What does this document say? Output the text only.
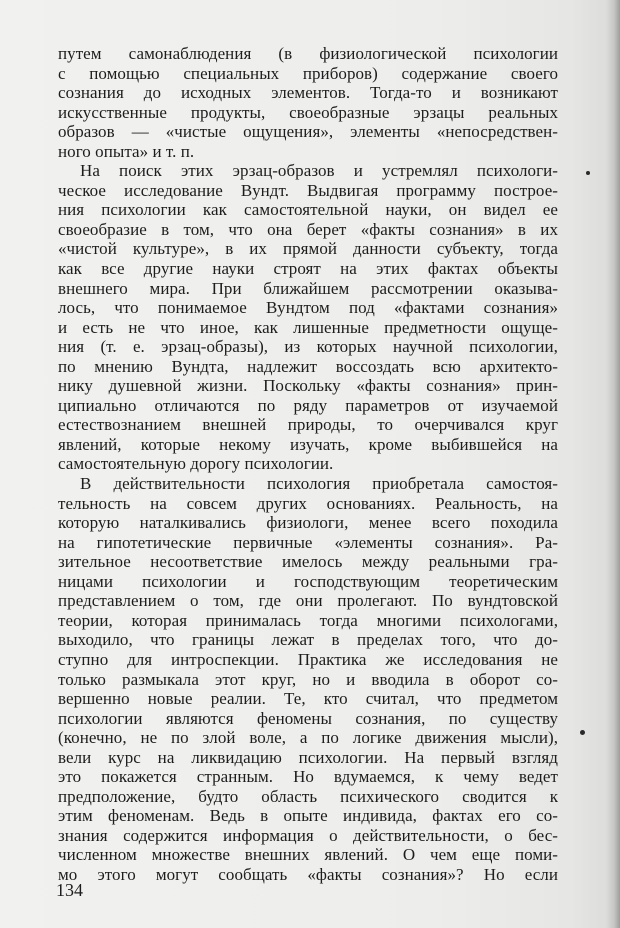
путем самонаблюдения (в физиологической психологии
с помощью специальных приборов) содержание своего
сознания до исходных элементов. Тогда-то и возникают
искусственные продукты, своеобразные эрзацы реальных
образов — «чистые ощущения», элементы «непосредствен-
ного опыта» и т. п.
На поиск этих эрзац-образов и устремлял психологи-
ческое исследование Вундт. Выдвигая программу построе-
ния психологии как самостоятельной науки, он видел ее
своеобразие в том, что она берет «факты сознания» в их
«чистой культуре», в их прямой данности субъекту, тогда
как все другие науки строят на этих фактах объекты
внешнего мира. При ближайшем рассмотрении оказыва-
лось, что понимаемое Вундтом под «фактами сознания»
и есть не что иное, как лишенные предметности ощуще-
ния (т. е. эрзац-образы), из которых научной психологии,
по мнению Вундта, надлежит воссоздать всю архитекто-
нику душевной жизни. Поскольку «факты сознания» прин-
ципиально отличаются по ряду параметров от изучаемой
естествознанием внешней природы, то очерчивался круг
явлений, которые некому изучать, кроме выбившейся на
самостоятельную дорогу психологии.
В действительности психология приобретала самостоя-
тельность на совсем других основаниях. Реальность, на
которую наталкивались физиологи, менее всего походила
на гипотетические первичные «элементы сознания». Ра-
зительное несоответствие имелось между реальными гра-
ницами психологии и господствующим теоретическим
представлением о том, где они пролегают. По вундтовской
теории, которая принималась тогда многими психологами,
выходило, что границы лежат в пределах того, что до-
ступно для интроспекции. Практика же исследования не
только размыкала этот круг, но и вводила в оборот со-
вершенно новые реалии. Те, кто считал, что предметом
психологии являются феномены сознания, по существу
(конечно, не по злой воле, а по логике движения мысли),
вели курс на ликвидацию психологии. На первый взгляд
это покажется странным. Но вдумаемся, к чему ведет
предположение, будто область психического сводится к
этим феноменам. Ведь в опыте индивида, фактах его со-
знания содержится информация о действительности, о бес-
численном множестве внешних явлений. О чем еще поми-
мо этого могут сообщать «факты сознания»? Но если
134
